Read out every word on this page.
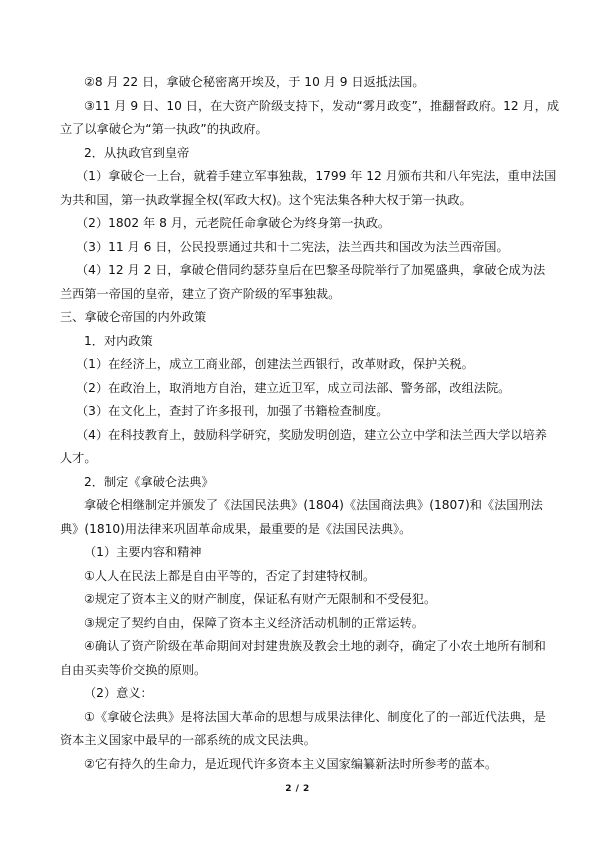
②8 月 22 日，拿破仑秘密离开埃及，于 10 月 9 日返抵法国。
③11 月 9 日、10 日，在大资产阶级支持下，发动“雾月政变”，推翻督政府。12 月，成
立了以拿破仑为“第一执政”的执政府。
2．从执政官到皇帝
（1）拿破仑一上台，就着手建立军事独裁，1799 年 12 月颁布共和八年宪法，重申法国
为共和国，第一执政掌握全权(军政大权)。这个宪法集各种大权于第一执政。
（2）1802 年 8 月，元老院任命拿破仑为终身第一执政。
（3）11 月 6 日，公民投票通过共和十二宪法，法兰西共和国改为法兰西帝国。
（4）12 月 2 日，拿破仑借同约瑟芬皇后在巴黎圣母院举行了加冕盛典，拿破仑成为法
兰西第一帝国的皇帝，建立了资产阶级的军事独裁。
三、拿破仑帝国的内外政策
1．对内政策
（1）在经济上，成立工商业部，创建法兰西银行，改革财政，保护关税。
（2）在政治上，取消地方自治，建立近卫军，成立司法部、警务部，改组法院。
（3）在文化上，查封了许多报刊，加强了书籍检查制度。
（4）在科技教育上，鼓励科学研究，奖励发明创造，建立公立中学和法兰西大学以培养
人才。
2．制定《拿破仑法典》
拿破仑相继制定并颁发了《法国民法典》(1804)《法国商法典》(1807)和《法国刑法
典》(1810)用法律来巩固革命成果，最重要的是《法国民法典》。
（1）主要内容和精神
①人人在民法上都是自由平等的，否定了封建特权制。
②规定了资本主义的财产制度，保证私有财产无限制和不受侵犯。
③规定了契约自由，保障了资本主义经济活动机制的正常运转。
④确认了资产阶级在革命期间对封建贵族及教会土地的剥夺，确定了小农土地所有制和
自由买卖等价交换的原则。
（2）意义：
①《拿破仑法典》是将法国大革命的思想与成果法律化、制度化了的一部近代法典，是
资本主义国家中最早的一部系统的成文民法典。
②它有持久的生命力，是近现代许多资本主义国家编纂新法时所参考的蓝本。
2 / 2
